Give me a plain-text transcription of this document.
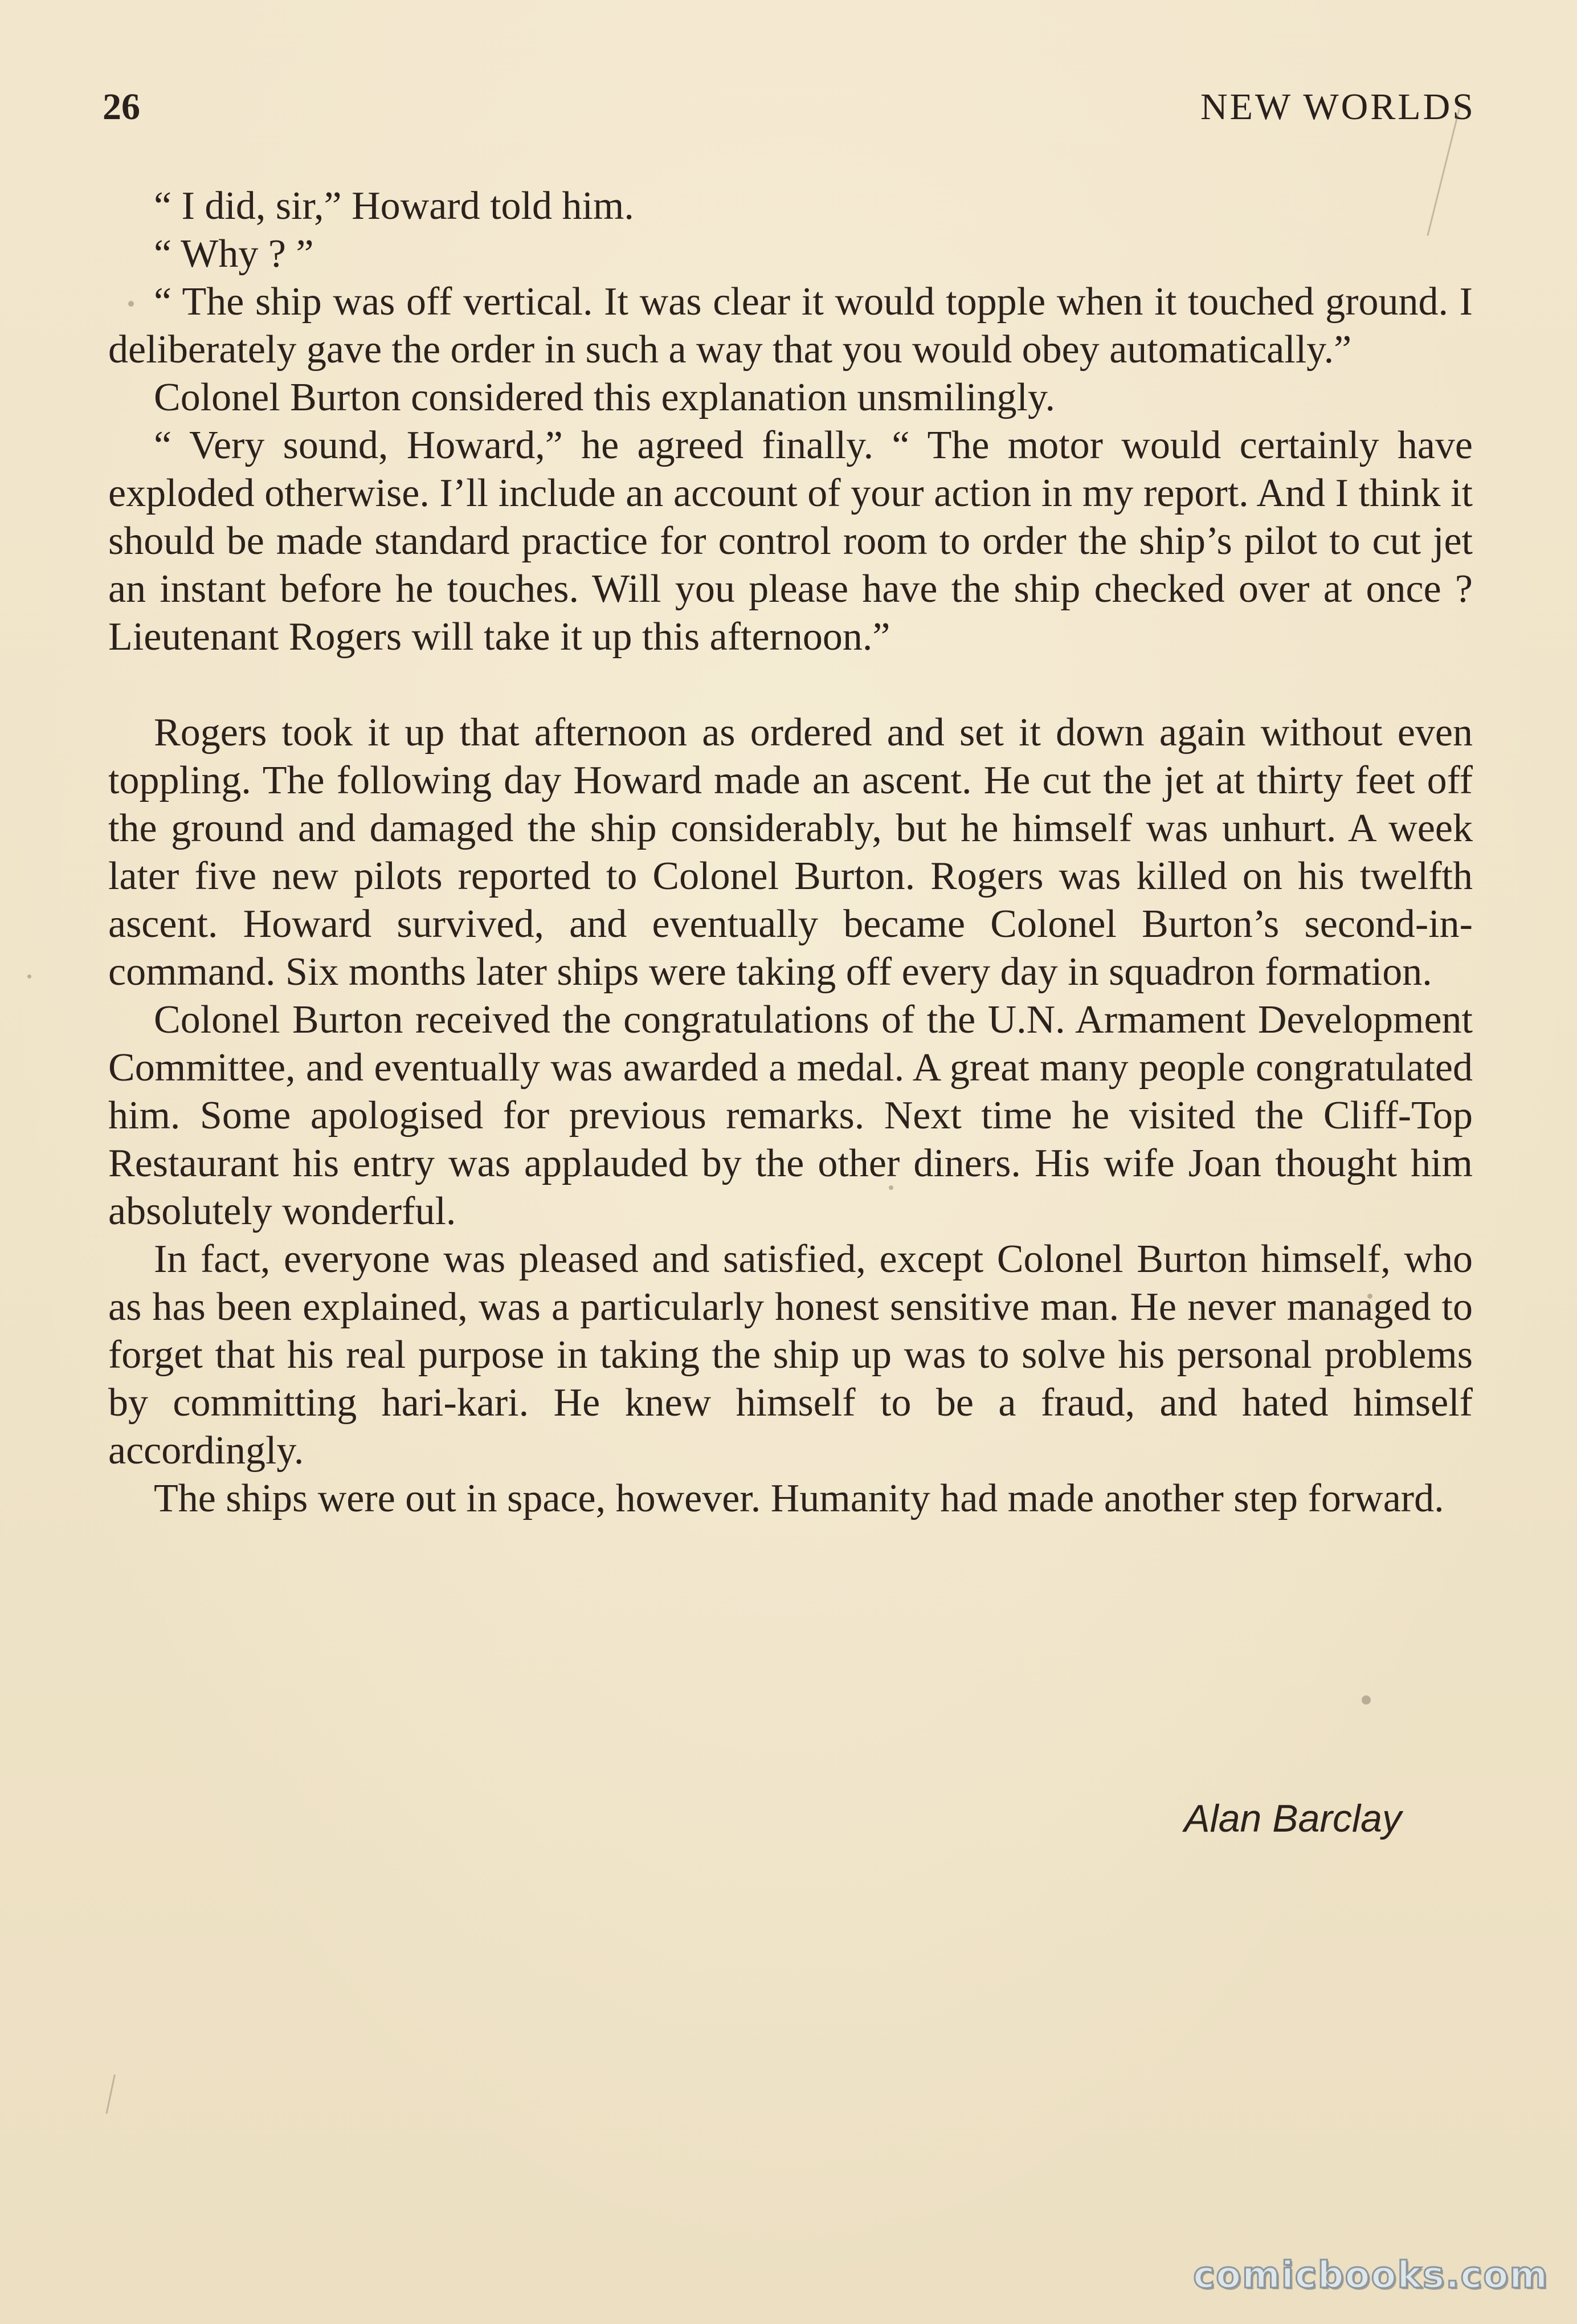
26	NEW WORLDS

“ I did, sir,” Howard told him.

“ Why ? ”

“ The ship was off vertical. It was clear it would topple when it touched ground. I deliberately gave the order in such a way that you would obey automatically.”

Colonel Burton considered this explanation unsmilingly.

“ Very sound, Howard,” he agreed finally. “ The motor would certainly have exploded otherwise. I’ll include an account of your action in my report. And I think it should be made standard practice for control room to order the ship’s pilot to cut jet an instant before he touches. Will you please have the ship checked over at once ? Lieutenant Rogers will take it up this afternoon.”

Rogers took it up that afternoon as ordered and set it down again without even toppling. The following day Howard made an ascent. He cut the jet at thirty feet off the ground and damaged the ship considerably, but he himself was unhurt. A week later five new pilots reported to Colonel Burton. Rogers was killed on his twelfth ascent. Howard survived, and eventually became Colonel Burton’s second-in-command. Six months later ships were taking off every day in squadron formation.

Colonel Burton received the congratulations of the U.N. Armament Development Committee, and eventually was awarded a medal. A great many people congratulated him. Some apologised for previous remarks. Next time he visited the Cliff-Top Restaurant his entry was applauded by the other diners. His wife Joan thought him absolutely wonderful.

In fact, everyone was pleased and satisfied, except Colonel Burton himself, who as has been explained, was a particularly honest sensitive man. He never managed to forget that his real purpose in taking the ship up was to solve his personal problems by committing hari-kari. He knew himself to be a fraud, and hated himself accordingly.

The ships were out in space, however. Humanity had made another step forward.

Alan Barclay
comicbooks.com
